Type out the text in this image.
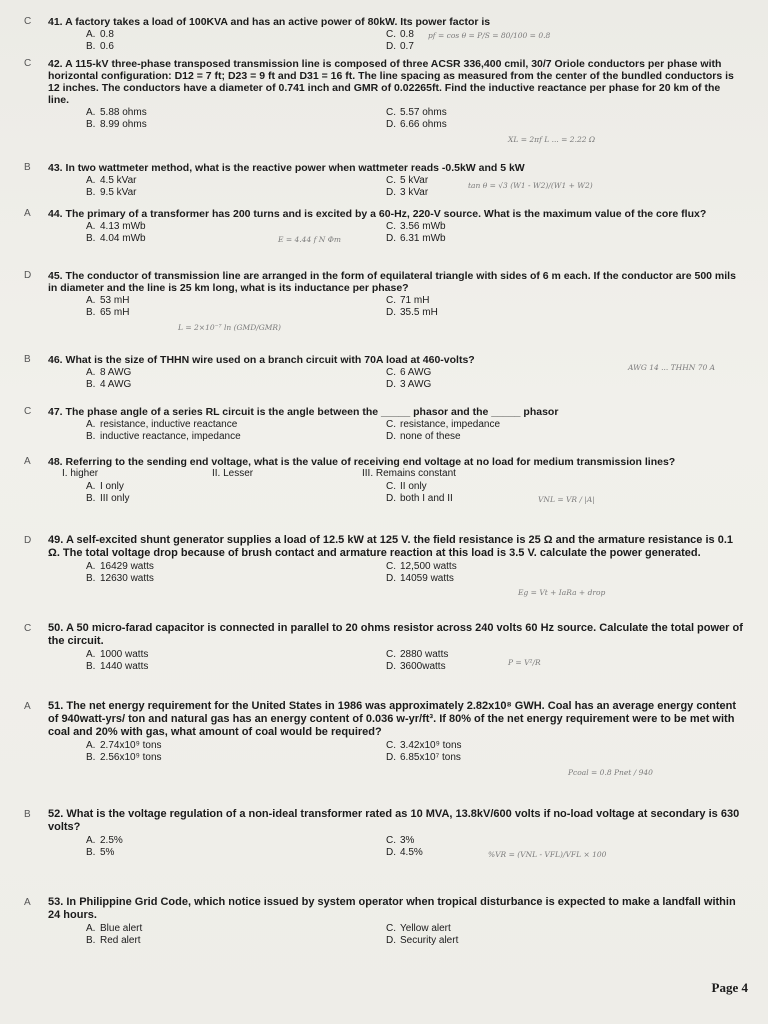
C	41. A factory takes a load of 100KVA and has an active power of 80kW. Its power factor is
A. 0.8	C. 0.8
B. 0.6	D. 0.7
pf = cos θ = P/S = 80/100 = 0.8
C	42. A 115-kV three-phase transposed transmission line is composed of three ACSR 336,400 cmil, 30/7 Oriole conductors per phase with horizontal configuration: D12 = 7 ft; D23 = 9 ft and D31 = 16 ft. The line spacing as measured from the center of the bundled conductors is 12 inches. The conductors have a diameter of 0.741 inch and GMR of 0.02265ft. Find the inductive reactance per phase for 20 km of the line.
A. 5.88 ohms	C. 5.57 ohms
B. 8.99 ohms	D. 6.66 ohms
XL = 2πf L ... = 2.22 Ω
B	43. In two wattmeter method, what is the reactive power when wattmeter reads -0.5kW and 5 kW
A. 4.5 kVar	C. 5 kVar
B. 9.5 kVar	D. 3 kVar
tan θ = √3 (W1 - W2)/(W1 + W2)
A	44. The primary of a transformer has 200 turns and is excited by a 60-Hz, 220-V source. What is the maximum value of the core flux?
A. 4.13 mWb	C. 3.56 mWb
B. 4.04 mWb	D. 6.31 mWb
E = 4.44 f N Φm
D	45. The conductor of transmission line are arranged in the form of equilateral triangle with sides of 6 m each. If the conductor are 500 mils in diameter and the line is 25 km long, what is its inductance per phase?
A. 53 mH	C. 71 mH
B. 65 mH	D. 35.5 mH
L = 2×10⁻⁷ ln (GMD/GMR)
B	46. What is the size of THHN wire used on a branch circuit with 70A load at 460-volts?
A. 8 AWG	C. 6 AWG
B. 4 AWG	D. 3 AWG
AWG 14 ... THHN 70 A
C	47. The phase angle of a series RL circuit is the angle between the _____ phasor and the _____ phasor
A. resistance, inductive reactance	C. resistance, impedance
B. inductive reactance, impedance	D. none of these
A	48. Referring to the sending end voltage, what is the value of receiving end voltage at no load for medium transmission lines?
I. higher	II. Lesser	III. Remains constant
A. I only	C. II only
B. III only	D. both I and II	VNL = VR / |A|
D	49. A self-excited shunt generator supplies a load of 12.5 kW at 125 V. the field resistance is 25 Ω and the armature resistance is 0.1 Ω. The total voltage drop because of brush contact and armature reaction at this load is 3.5 V. calculate the power generated.
A. 16429 watts	C. 12,500 watts
B. 12630 watts	D. 14059 watts
Eg = Vt + IaRa + drop
C	50. A 50 micro-farad capacitor is connected in parallel to 20 ohms resistor across 240 volts 60 Hz source. Calculate the total power of the circuit.
A. 1000 watts	C. 2880 watts
B. 1440 watts	D. 3600watts	P = V²/R
A	51. The net energy requirement for the United States in 1986 was approximately 2.82x10⁸ GWH. Coal has an average energy content of 940watt-yrs/ ton and natural gas has an energy content of 0.036 w-yr/ft³. If 80% of the net energy requirement were to be met with coal and 20% with gas, what amount of coal would be required?
A. 2.74x10⁹ tons	C. 3.42x10⁹ tons
B. 2.56x10⁹ tons	D. 6.85x10⁷ tons
Pcoal = 0.8 Pnet / 940
B	52. What is the voltage regulation of a non-ideal transformer rated as 10 MVA, 13.8kV/600 volts if no-load voltage at secondary is 630 volts?
A. 2.5%	C. 3%
B. 5%	D. 4.5%	%VR = (VNL - VFL)/VFL × 100
A	53. In Philippine Grid Code, which notice issued by system operator when tropical disturbance is expected to make a landfall within 24 hours.
A. Blue alert	C. Yellow alert
B. Red alert	D. Security alert
Page 4
